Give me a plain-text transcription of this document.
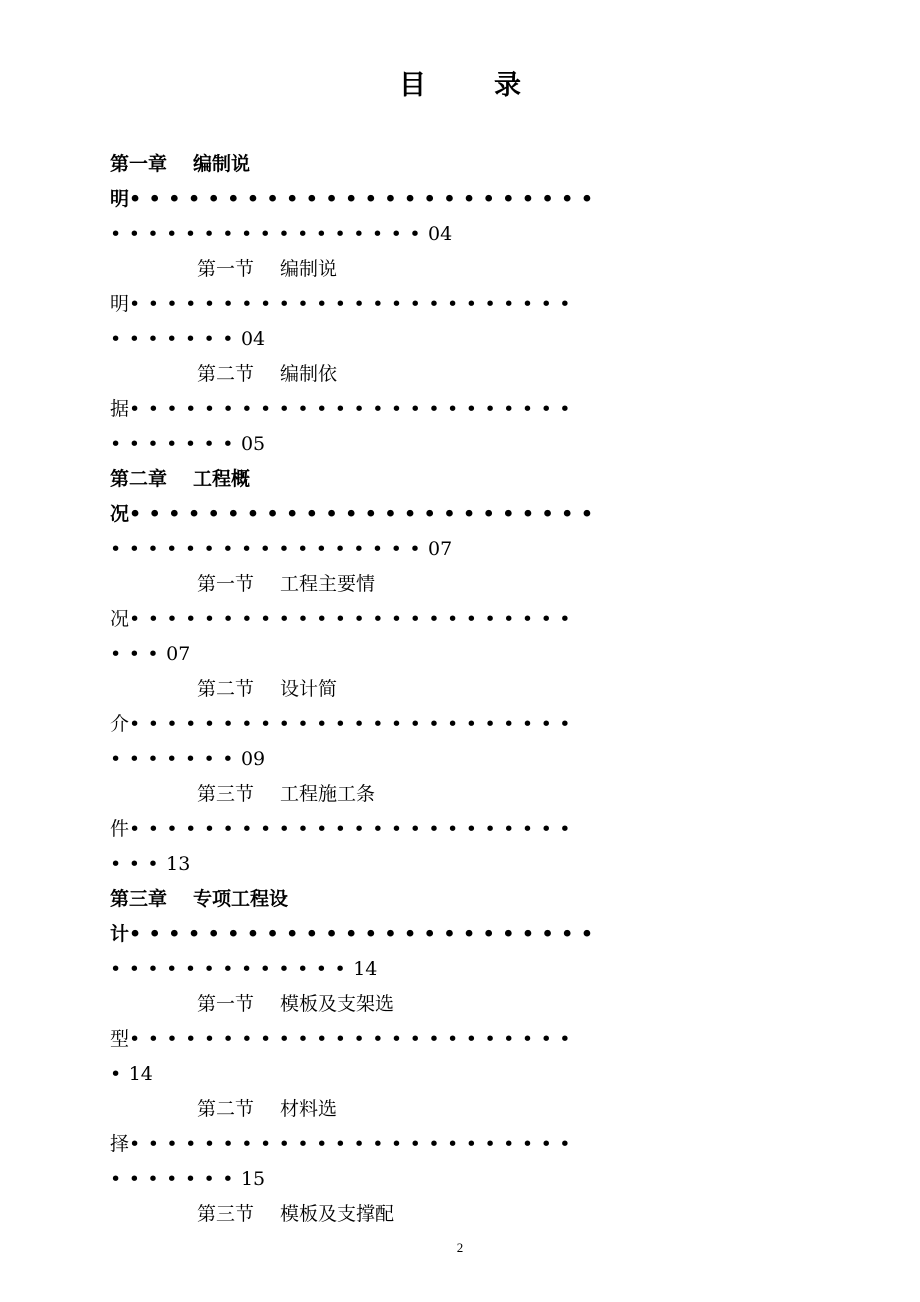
目	录
第一章 编制说
明••••••••••••••••••••••••
•••••••••••••••••04
第一节 编制说
明••••••••••••••••••••••••
•••••••04
第二节 编制依
据••••••••••••••••••••••••
•••••••05
第二章 工程概
况••••••••••••••••••••••••
•••••••••••••••••07
第一节 工程主要情
况••••••••••••••••••••••••
•••07
第二节 设计简
介••••••••••••••••••••••••
•••••••09
第三节 工程施工条
件••••••••••••••••••••••••
•••13
第三章 专项工程设
计••••••••••••••••••••••••
•••••••••••••14
第一节 模板及支架选
型••••••••••••••••••••••••
•14
第二节 材料选
择••••••••••••••••••••••••
•••••••15
第三节 模板及支撑配
2
